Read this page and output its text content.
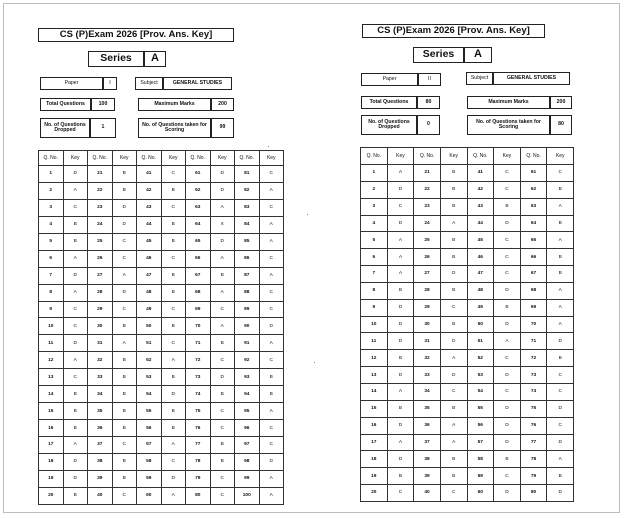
CS (P)Exam 2026 [Prov. Ans. Key]
Series	A
Paper	I	Subject	GENERAL STUDIES
Total Questions	100	Maximum Marks	200
No. of Questions Dropped	1	No. of Questions taken for Scoring	99
Q. No.	Key	Q. No.	Key	Q. No.	Key	Q. No.	Key	Q. No.	Key
1	D	21	B	41	C	61	D	81	C
2	A	22	B	42	B	62	D	82	A
3	C	23	D	43	C	63	A	83	C
4	B	24	D	44	B	64	X	84	A
5	B	25	C	45	B	65	D	85	A
6	A	26	C	46	C	66	A	86	C
7	D	27	A	47	B	67	B	87	A
8	A	28	D	48	B	68	A	88	C
9	C	29	C	49	C	69	C	89	C
10	C	30	B	50	B	70	A	90	D
11	D	31	A	51	C	71	B	91	A
12	A	32	B	52	A	72	C	92	C
13	C	33	B	53	B	73	D	93	B
14	B	34	B	54	D	74	B	94	B
15	B	35	B	55	B	75	C	95	A
16	B	36	B	56	B	76	C	96	C
17	A	37	C	57	A	77	B	97	C
18	D	38	B	58	C	78	B	98	D
19	D	39	B	59	D	79	C	99	A
20	B	40	C	60	A	80	C	100	A
CS (P)Exam 2026 [Prov. Ans. Key]
Series	A
Paper	II	Subject	GENERAL STUDIES
Total Questions	80	Maximum Marks	200
No. of Questions Dropped	0	No. of Questions taken for Scoring	80
Q. No.	Key	Q. No.	Key	Q. No.	Key	Q. No.	Key
1	A	21	B	41	C	61	C
2	D	22	B	42	C	62	B
3	C	23	B	43	B	63	A
4	D	24	A	44	D	64	B
5	A	25	B	45	C	65	A
6	A	26	B	46	C	66	B
7	A	27	D	47	C	67	B
8	B	28	B	48	D	68	A
9	D	29	C	49	B	69	A
10	D	30	B	50	D	70	A
11	D	31	D	51	A	71	D
12	B	32	A	52	C	72	B
13	D	33	D	53	D	73	C
14	A	34	C	54	C	74	C
15	B	35	B	55	D	75	D
16	D	36	A	56	D	76	C
17	A	37	A	57	D	77	D
18	D	38	B	58	B	78	A
19	B	39	B	59	C	79	B
20	C	40	C	60	D	80	D
